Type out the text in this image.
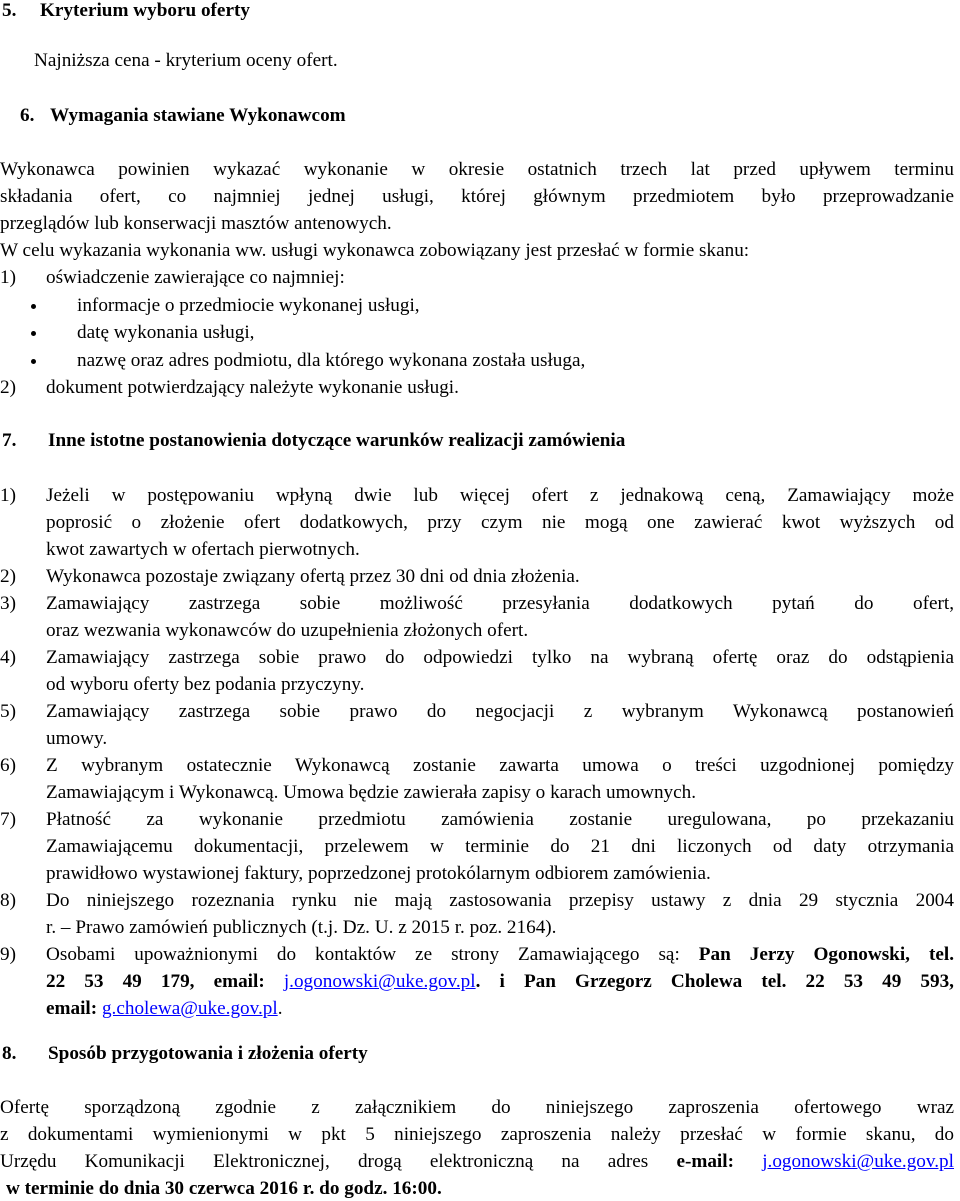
5. Kryterium wyboru oferty
Najniższa cena - kryterium oceny ofert.
6. Wymagania stawiane Wykonawcom
Wykonawca powinien wykazać wykonanie w okresie ostatnich trzech lat przed upływem terminu
składania ofert, co najmniej jednej usługi, której głównym przedmiotem było przeprowadzanie
przeglądów lub konserwacji masztów antenowych.
W celu wykazania wykonania ww. usługi wykonawca zobowiązany jest przesłać w formie skanu:
1) oświadczenie zawierające co najmniej:
informacje o przedmiocie wykonanej usługi,
datę wykonania usługi,
nazwę oraz adres podmiotu, dla którego wykonana została usługa,
2) dokument potwierdzający należyte wykonanie usługi.
7. Inne istotne postanowienia dotyczące warunków realizacji zamówienia
1) Jeżeli w postępowaniu wpłyną dwie lub więcej ofert z jednakową ceną, Zamawiający może
poprosić o złożenie ofert dodatkowych, przy czym nie mogą one zawierać kwot wyższych od
kwot zawartych w ofertach pierwotnych.
2) Wykonawca pozostaje związany ofertą przez 30 dni od dnia złożenia.
3) Zamawiający zastrzega sobie możliwość przesyłania dodatkowych pytań do ofert,
oraz wezwania wykonawców do uzupełnienia złożonych ofert.
4) Zamawiający zastrzega sobie prawo do odpowiedzi tylko na wybraną ofertę oraz do odstąpienia
od wyboru oferty bez podania przyczyny.
5) Zamawiający zastrzega sobie prawo do negocjacji z wybranym Wykonawcą postanowień
umowy.
6) Z wybranym ostatecznie Wykonawcą zostanie zawarta umowa o treści uzgodnionej pomiędzy
Zamawiającym i Wykonawcą. Umowa będzie zawierała zapisy o karach umownych.
7) Płatność za wykonanie przedmiotu zamówienia zostanie uregulowana, po przekazaniu
Zamawiającemu dokumentacji, przelewem w terminie do 21 dni liczonych od daty otrzymania
prawidłowo wystawionej faktury, poprzedzonej protokólarnym odbiorem zamówienia.
8) Do niniejszego rozeznania rynku nie mają zastosowania przepisy ustawy z dnia 29 stycznia 2004
r. – Prawo zamówień publicznych (t.j. Dz. U. z 2015 r. poz. 2164).
9) Osobami upoważnionymi do kontaktów ze strony Zamawiającego są: Pan Jerzy Ogonowski, tel.
22 53 49 179, email: j.ogonowski@uke.gov.pl. i Pan Grzegorz Cholewa tel. 22 53 49 593,
email: g.cholewa@uke.gov.pl.
8. Sposób przygotowania i złożenia oferty
Ofertę sporządzoną zgodnie z załącznikiem do niniejszego zaproszenia ofertowego wraz
z dokumentami wymienionymi w pkt 5 niniejszego zaproszenia należy przesłać w formie skanu, do
Urzędu Komunikacji Elektronicznej, drogą elektroniczną na adres e-mail: j.ogonowski@uke.gov.pl
w terminie do dnia 30 czerwca 2016 r. do godz. 16:00.
